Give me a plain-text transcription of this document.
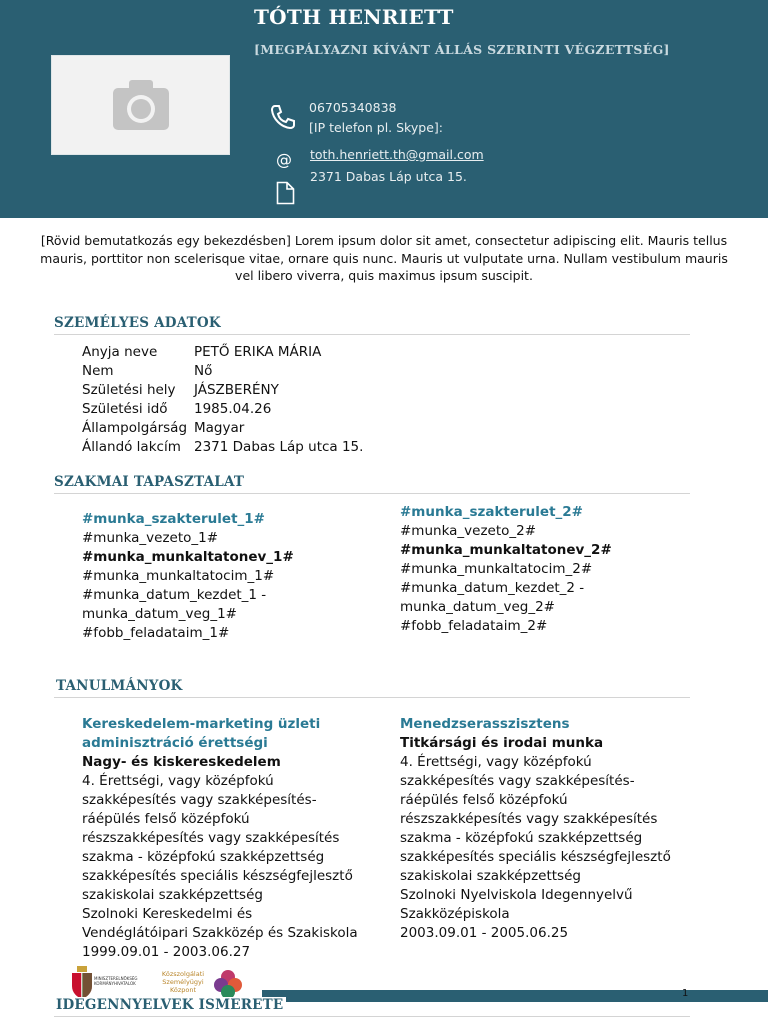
TÓTH HENRIETT
[MEGPÁLYAZNI KÍVÁNT ÁLLÁS SZERINTI VÉGZETTSÉG]
06705340838
[IP telefon pl. Skype]:
@ toth.henriett.th@gmail.com
2371 Dabas Láp utca 15.
[Rövid bemutatkozás egy bekezdésben] Lorem ipsum dolor sit amet, consectetur adipiscing elit. Mauris tellus mauris, porttitor non scelerisque vitae, ornare quis nunc. Mauris ut vulputate urna. Nullam vestibulum mauris vel libero viverra, quis maximus ipsum suscipit.
SZEMÉLYES ADATOK
Anyja neve	PETŐ ERIKA MÁRIA
Nem	Nő
Születési hely JÁSZBERÉNY
Születési idő 1985.04.26
Állampolgárság Magyar
Állandó lakcím 2371 Dabas Láp utca 15.
SZAKMAI TAPASZTALAT
#munka_szakterulet_1#
#munka_vezeto_1#
#munka_munkaltatonev_1#
#munka_munkaltatocim_1#
#munka_datum_kezdet_1 -
munka_datum_veg_1#
#fobb_feladataim_1#
#munka_szakterulet_2#
#munka_vezeto_2#
#munka_munkaltatonev_2#
#munka_munkaltatocim_2#
#munka_datum_kezdet_2 -
munka_datum_veg_2#
#fobb_feladataim_2#
TANULMÁNYOK
Kereskedelem-marketing üzleti
adminisztráció érettségi
Nagy- és kiskereskedelem
4. Érettségi, vagy középfokú
szakképesítés vagy szakképesítés-
ráépülés felső középfokú
részszakképesítés vagy szakképesítés
szakma - középfokú szakképzettség
szakképesítés speciális készségfejlesztő
szakiskolai szakképzettség
Szolnoki Kereskedelmi és
Vendéglátóipari Szakközép és Szakiskola
1999.09.01 - 2003.06.27
Menedzserasszisztens
Titkársági és irodai munka
4. Érettségi, vagy középfokú
szakképesítés vagy szakképesítés-
ráépülés felső középfokú
részszakképesítés vagy szakképesítés
szakma - középfokú szakképzettség
szakképesítés speciális készségfejlesztő
szakiskolai szakképzettség
Szolnoki Nyelviskola Idegennyelvű
Szakközépiskola
2003.09.01 - 2005.06.25
1
MINISZTERELNÖKSÉG KORMÁNYHIVATALOK
Közszolgálati Személyügyi Központ
IDEGENNYELVEK ISMERETE
